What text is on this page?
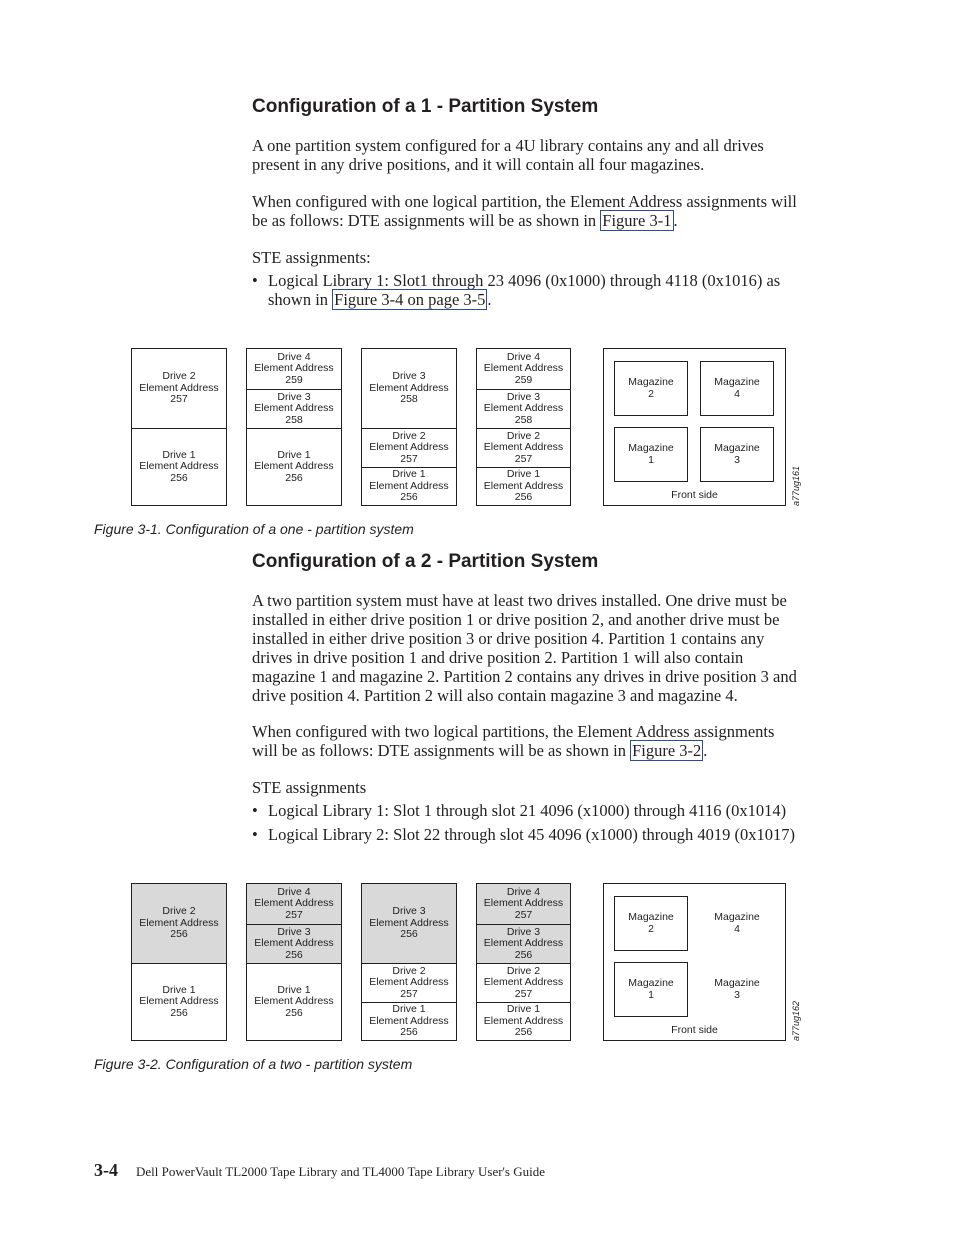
Configuration of a 1 - Partition System
A one partition system configured for a 4U library contains any and all drives
present in any drive positions, and it will contain all four magazines.
When configured with one logical partition, the Element Address assignments will
be as follows: DTE assignments will be as shown in Figure 3-1 .
STE assignments:
• Logical Library 1: Slot1 through 23 4096 (0x1000) through 4118 (0x1016) as
shown in Figure 3-4 on page 3-5 .
Drive 2
Element Address
257
Drive 1
Element Address
256
Drive 4
Element Address
259
Drive 3
Element Address
258
Drive 1
Element Address
256
Drive 3
Element Address
258
Drive 2
Element Address
257
Drive 1
Element Address
256
Drive 4
Element Address
259
Drive 3
Element Address
258
Drive 2
Element Address
257
Drive 1
Element Address
256
Magazine
2
Magazine
4
Magazine
1
Magazine
3
Front side	a77ug161
Figure 3-1. Configuration of a one - partition system
Configuration of a 2 - Partition System
A two partition system must have at least two drives installed. One drive must be
installed in either drive position 1 or drive position 2, and another drive must be
installed in either drive position 3 or drive position 4. Partition 1 contains any
drives in drive position 1 and drive position 2. Partition 1 will also contain
magazine 1 and magazine 2. Partition 2 contains any drives in drive position 3 and
drive position 4. Partition 2 will also contain magazine 3 and magazine 4.
When configured with two logical partitions, the Element Address assignments
will be as follows: DTE assignments will be as shown in Figure 3-2 .
STE assignments
• Logical Library 1: Slot 1 through slot 21 4096 (x1000) through 4116 (0x1014)
• Logical Library 2: Slot 22 through slot 45 4096 (x1000) through 4019 (0x1017)
Drive 2
Element Address
256
Drive 1
Element Address
256
Drive 4
Element Address
257
Drive 3
Element Address
256
Drive 1
Element Address
256
Drive 3
Element Address
256
Drive 2
Element Address
257
Drive 1
Element Address
256
Drive 4
Element Address
257
Drive 3
Element Address
256
Drive 2
Element Address
257
Drive 1
Element Address
256
Magazine
2
Magazine
4
Magazine
1
Magazine
3
Front side	a77ug162
Figure 3-2. Configuration of a two - partition system
3-4 Dell PowerVault TL2000 Tape Library and TL4000 Tape Library User's Guide
